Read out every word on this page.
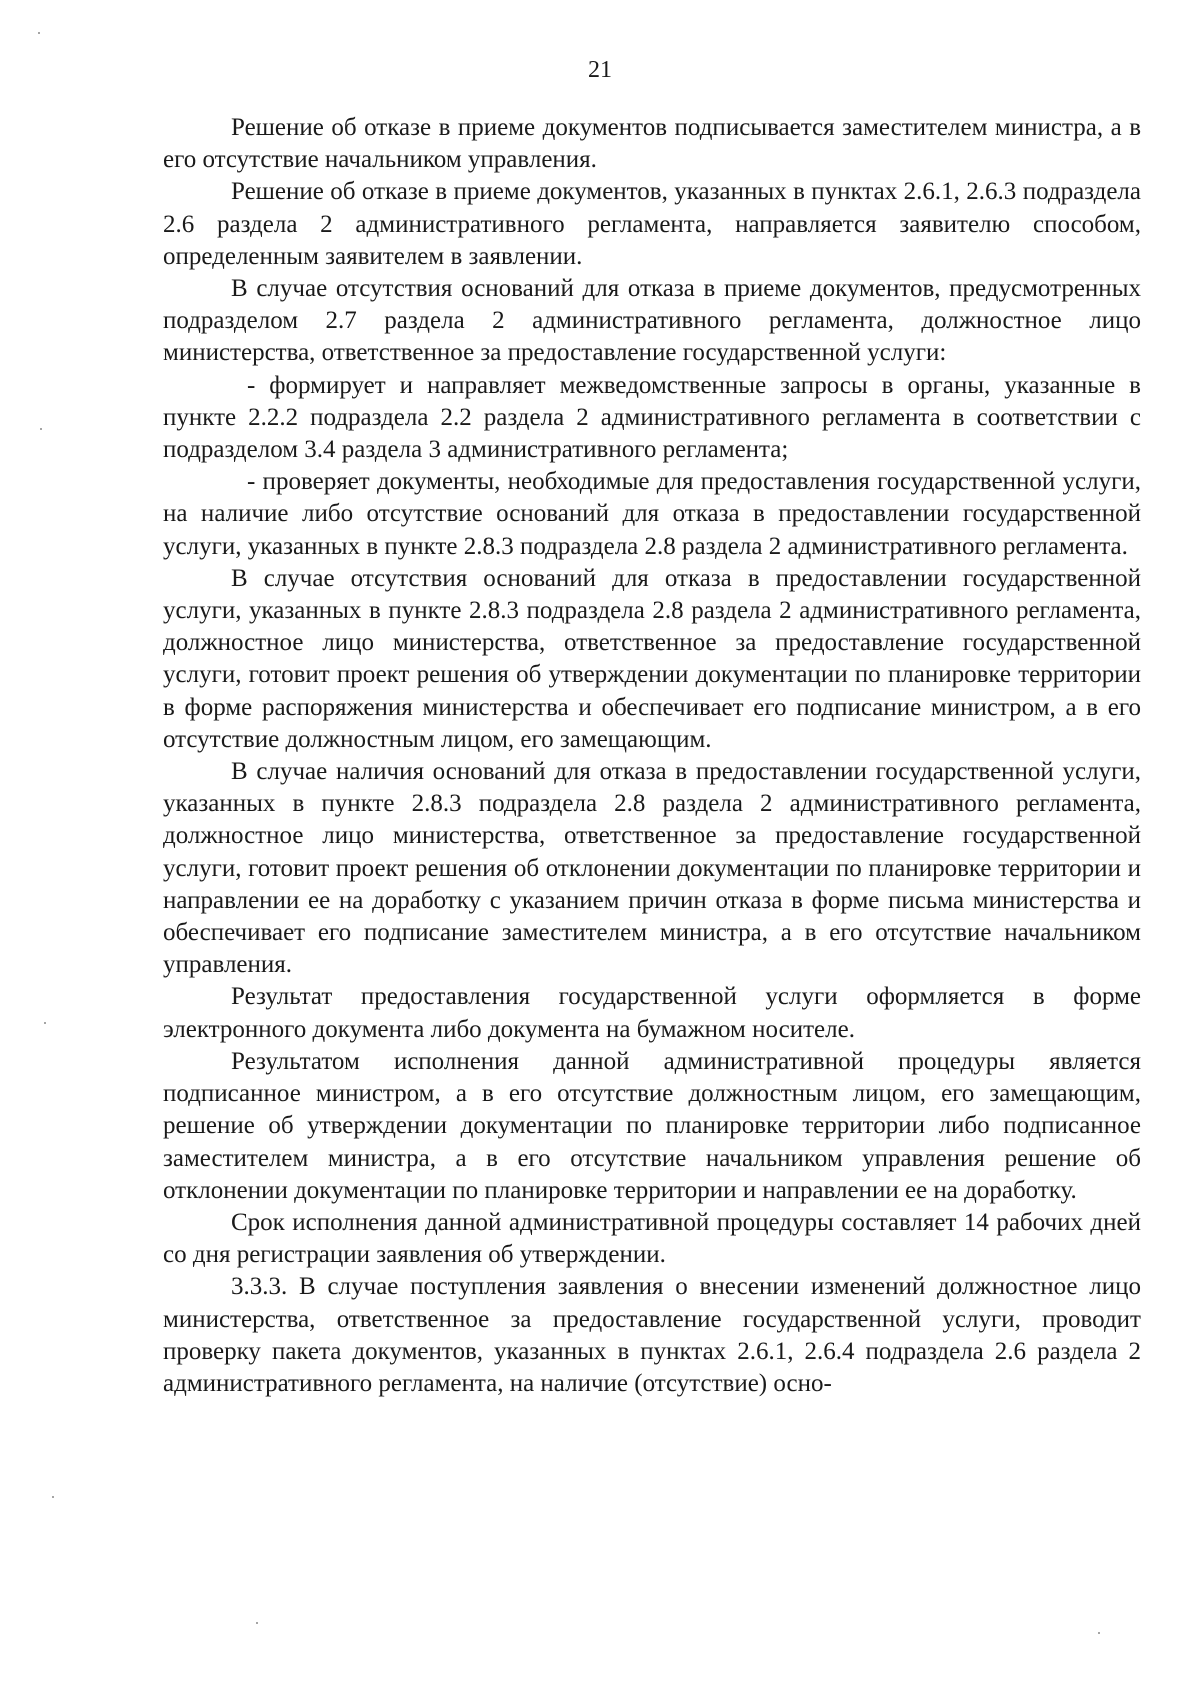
21

Решение об отказе в приеме документов подписывается заместителем министра, а в его отсутствие начальником управления.

Решение об отказе в приеме документов, указанных в пунктах 2.6.1, 2.6.3 подраздела 2.6 раздела 2 административного регламента, направляется заявителю способом, определенным заявителем в заявлении.

В случае отсутствия оснований для отказа в приеме документов, предусмотренных подразделом 2.7 раздела 2 административного регламента, должностное лицо министерства, ответственное за предоставление государственной услуги:

- формирует и направляет межведомственные запросы в органы, указанные в пункте 2.2.2 подраздела 2.2 раздела 2 административного регламента в соответствии с подразделом 3.4 раздела 3 административного регламента;

- проверяет документы, необходимые для предоставления государственной услуги, на наличие либо отсутствие оснований для отказа в предоставлении государственной услуги, указанных в пункте 2.8.3 подраздела 2.8 раздела 2 административного регламента.

В случае отсутствия оснований для отказа в предоставлении государственной услуги, указанных в пункте 2.8.3 подраздела 2.8 раздела 2 административного регламента, должностное лицо министерства, ответственное за предоставление государственной услуги, готовит проект решения об утверждении документации по планировке территории в форме распоряжения министерства и обеспечивает его подписание министром, а в его отсутствие должностным лицом, его замещающим.

В случае наличия оснований для отказа в предоставлении государственной услуги, указанных в пункте 2.8.3 подраздела 2.8 раздела 2 административного регламента, должностное лицо министерства, ответственное за предоставление государственной услуги, готовит проект решения об отклонении документации по планировке территории и направлении ее на доработку с указанием причин отказа в форме письма министерства и обеспечивает его подписание заместителем министра, а в его отсутствие начальником управления.

Результат предоставления государственной услуги оформляется в форме электронного документа либо документа на бумажном носителе.

Результатом исполнения данной административной процедуры является подписанное министром, а в его отсутствие должностным лицом, его замещающим, решение об утверждении документации по планировке территории либо подписанное заместителем министра, а в его отсутствие начальником управления решение об отклонении документации по планировке территории и направлении ее на доработку.

Срок исполнения данной административной процедуры составляет 14 рабочих дней со дня регистрации заявления об утверждении.

3.3.3. В случае поступления заявления о внесении изменений должностное лицо министерства, ответственное за предоставление государственной услуги, проводит проверку пакета документов, указанных в пунктах 2.6.1, 2.6.4 подраздела 2.6 раздела 2 административного регламента, на наличие (отсутствие) осно-
